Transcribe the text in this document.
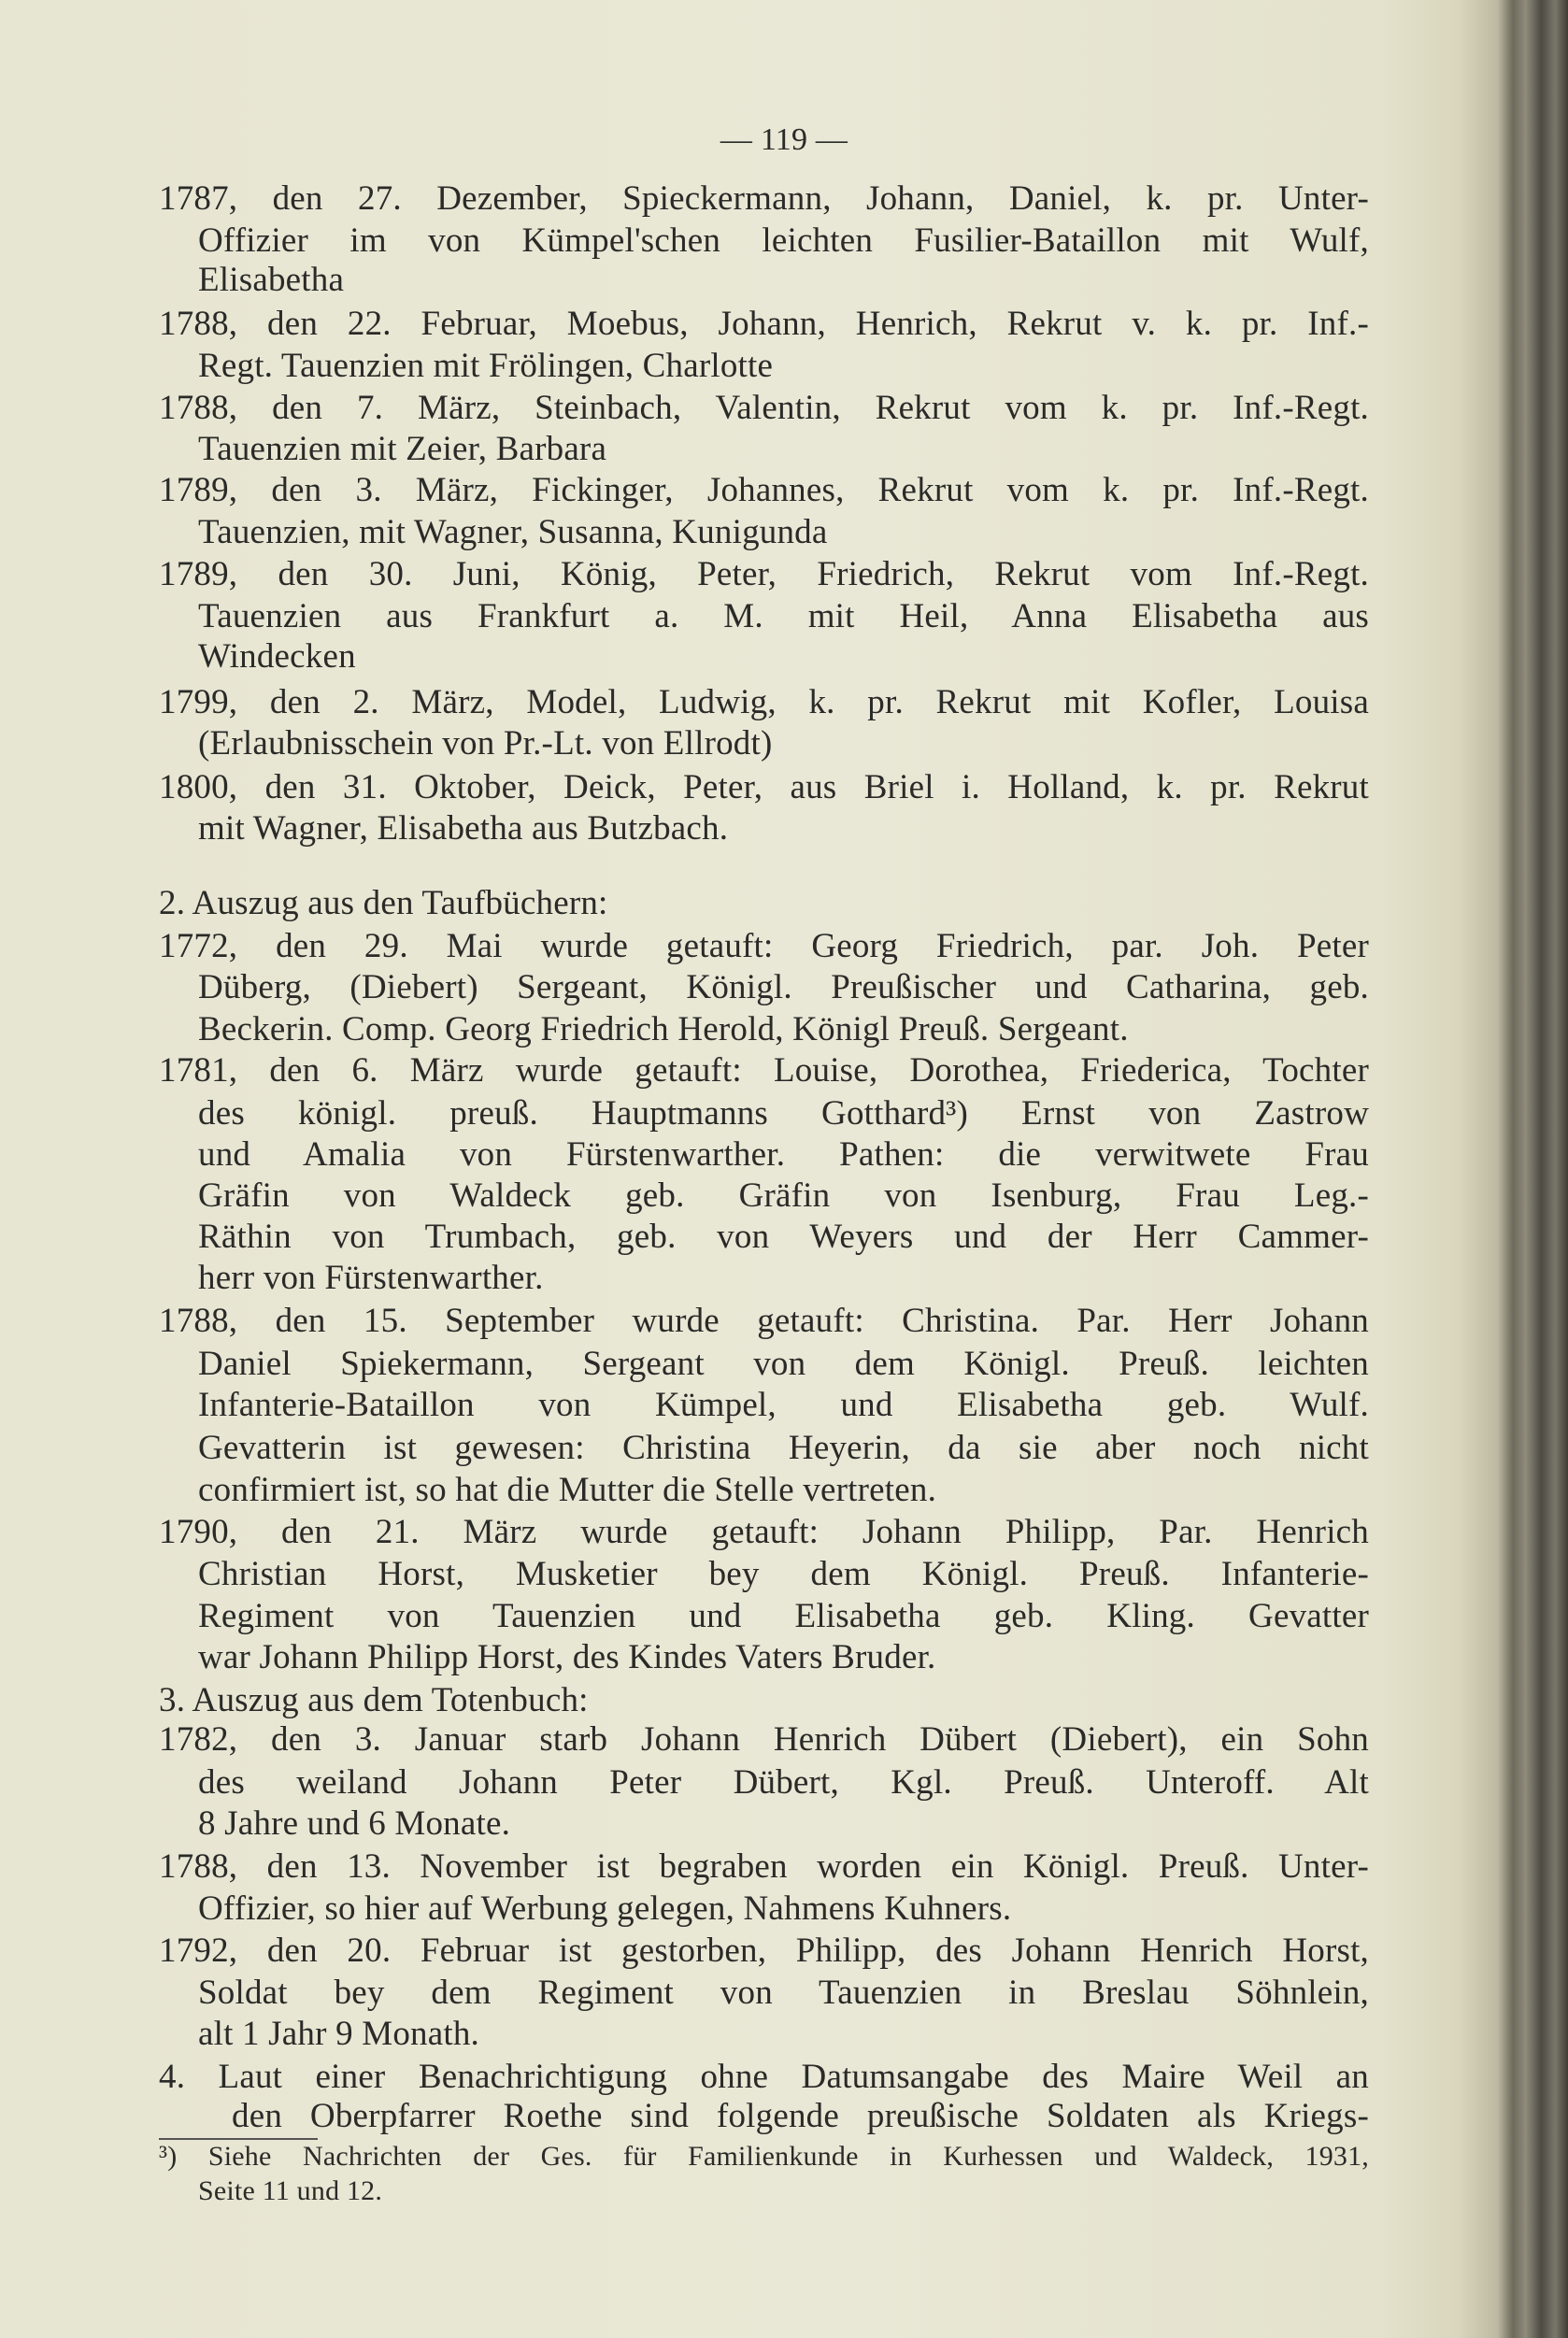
— 119 —
1787, den 27. Dezember, Spieckermann, Johann, Daniel, k. pr. Unter-
Offizier im von Kümpel'schen leichten Fusilier-Bataillon mit Wulf,
Elisabetha
1788, den 22. Februar, Moebus, Johann, Henrich, Rekrut v. k. pr. Inf.-
Regt. Tauenzien mit Frölingen, Charlotte
1788, den 7. März, Steinbach, Valentin, Rekrut vom k. pr. Inf.-Regt.
Tauenzien mit Zeier, Barbara
1789, den 3. März, Fickinger, Johannes, Rekrut vom k. pr. Inf.-Regt.
Tauenzien, mit Wagner, Susanna, Kunigunda
1789, den 30. Juni, König, Peter, Friedrich, Rekrut vom Inf.-Regt.
Tauenzien aus Frankfurt a. M. mit Heil, Anna Elisabetha aus
Windecken
1799, den 2. März, Model, Ludwig, k. pr. Rekrut mit Kofler, Louisa
(Erlaubnisschein von Pr.-Lt. von Ellrodt)
1800, den 31. Oktober, Deick, Peter, aus Briel i. Holland, k. pr. Rekrut
mit Wagner, Elisabetha aus Butzbach.
2. Auszug aus den Taufbüchern:
1772, den 29. Mai wurde getauft: Georg Friedrich, par. Joh. Peter
Düberg, (Diebert) Sergeant, Königl. Preußischer und Catharina, geb.
Beckerin. Comp. Georg Friedrich Herold, Königl Preuß. Sergeant.
1781, den 6. März wurde getauft: Louise, Dorothea, Friederica, Tochter
des königl. preuß. Hauptmanns Gotthard³) Ernst von Zastrow
und Amalia von Fürstenwarther. Pathen: die verwitwete Frau
Gräfin von Waldeck geb. Gräfin von Isenburg, Frau Leg.-
Räthin von Trumbach, geb. von Weyers und der Herr Cammer-
herr von Fürstenwarther.
1788, den 15. September wurde getauft: Christina. Par. Herr Johann
Daniel Spiekermann, Sergeant von dem Königl. Preuß. leichten
Infanterie-Bataillon von Kümpel, und Elisabetha geb. Wulf.
Gevatterin ist gewesen: Christina Heyerin, da sie aber noch nicht
confirmiert ist, so hat die Mutter die Stelle vertreten.
1790, den 21. März wurde getauft: Johann Philipp, Par. Henrich
Christian Horst, Musketier bey dem Königl. Preuß. Infanterie-
Regiment von Tauenzien und Elisabetha geb. Kling. Gevatter
war Johann Philipp Horst, des Kindes Vaters Bruder.
3. Auszug aus dem Totenbuch:
1782, den 3. Januar starb Johann Henrich Dübert (Diebert), ein Sohn
des weiland Johann Peter Dübert, Kgl. Preuß. Unteroff. Alt
8 Jahre und 6 Monate.
1788, den 13. November ist begraben worden ein Königl. Preuß. Unter-
Offizier, so hier auf Werbung gelegen, Nahmens Kuhners.
1792, den 20. Februar ist gestorben, Philipp, des Johann Henrich Horst,
Soldat bey dem Regiment von Tauenzien in Breslau Söhnlein,
alt 1 Jahr 9 Monath.
4. Laut einer Benachrichtigung ohne Datumsangabe des Maire Weil an
den Oberpfarrer Roethe sind folgende preußische Soldaten als Kriegs-
³) Siehe Nachrichten der Ges. für Familienkunde in Kurhessen und Waldeck, 1931,
Seite 11 und 12.
